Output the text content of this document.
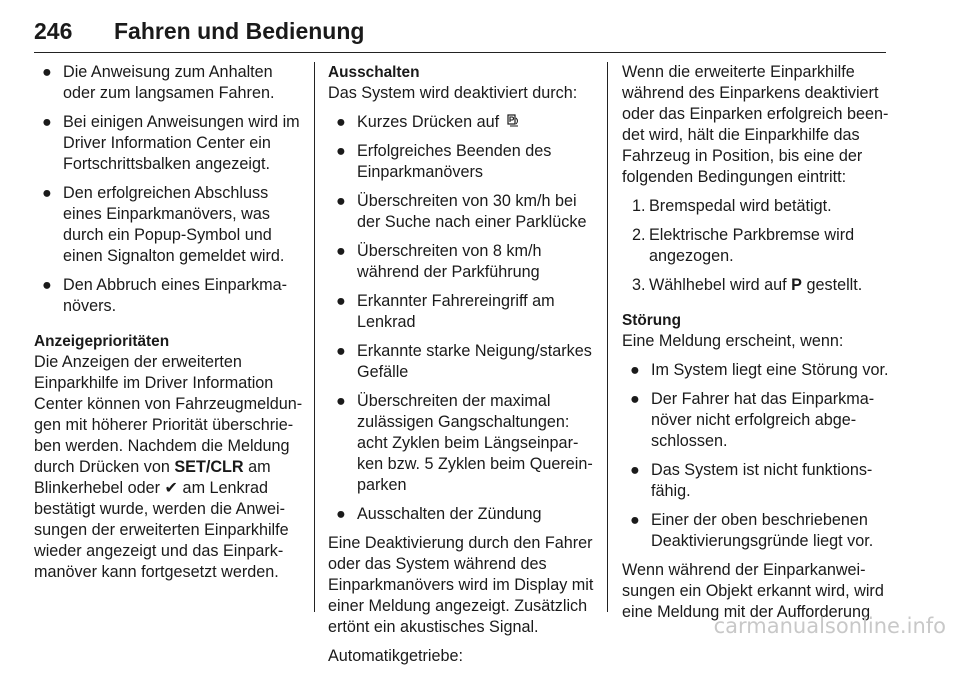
246 Fahren und Bedienung
● Die Anweisung zum Anhalten oder zum langsamen Fahren.
● Bei einigen Anweisungen wird im Driver Information Center ein Fortschrittsbalken angezeigt.
● Den erfolgreichen Abschluss eines Einparkmanövers, was durch ein Popup-Symbol und einen Signalton gemeldet wird.
● Den Abbruch eines Einparkma-növers.
Anzeigeprioritäten

Die Anzeigen der erweiterten Einparkhilfe im Driver Information Center können von Fahrzeugmeldun-gen mit höherer Priorität überschrie-ben werden. Nachdem die Meldung durch Drücken von SET/CLR am Blinkerhebel oder ✔ am Lenkrad bestätigt wurde, werden die Anwei-sungen der erweiterten Einparkhilfe wieder angezeigt und das Einpark-manöver kann fortgesetzt werden.

Ausschalten

Das System wird deaktiviert durch:

● Kurzes Drücken auf
● Erfolgreiches Beenden des Einparkmanövers
● Überschreiten von 30 km/h bei der Suche nach einer Parklücke
● Überschreiten von 8 km/h während der Parkführung
● Erkannter Fahrereingriff am Lenkrad
● Erkannte starke Neigung/starkes Gefälle
● Überschreiten der maximal zulässigen Gangschaltungen: acht Zyklen beim Längseinpar-ken bzw. 5 Zyklen beim Querein-parken
● Ausschalten der Zündung

Eine Deaktivierung durch den Fahrer oder das System während des Einparkmanövers wird im Display mit einer Meldung angezeigt. Zusätzlich ertönt ein akustisches Signal.

Automatikgetriebe:

Wenn die erweiterte Einparkhilfe während des Einparkens deaktiviert oder das Einparken erfolgreich been-det wird, hält die Einparkhilfe das Fahrzeug in Position, bis eine der folgenden Bedingungen eintritt:

1. Bremspedal wird betätigt.
2. Elektrische Parkbremse wird angezogen.
3. Wählhebel wird auf P gestellt.
Störung

Eine Meldung erscheint, wenn:

● Im System liegt eine Störung vor.
● Der Fahrer hat das Einparkma-növer nicht erfolgreich abge-schlossen.
● Das System ist nicht funktions-fähig.
● Einer der oben beschriebenen Deaktivierungsgründe liegt vor.

Wenn während der Einparkanwei-sungen ein Objekt erkannt wird, wird eine Meldung mit der Aufforderung

carmanualsonline.info
